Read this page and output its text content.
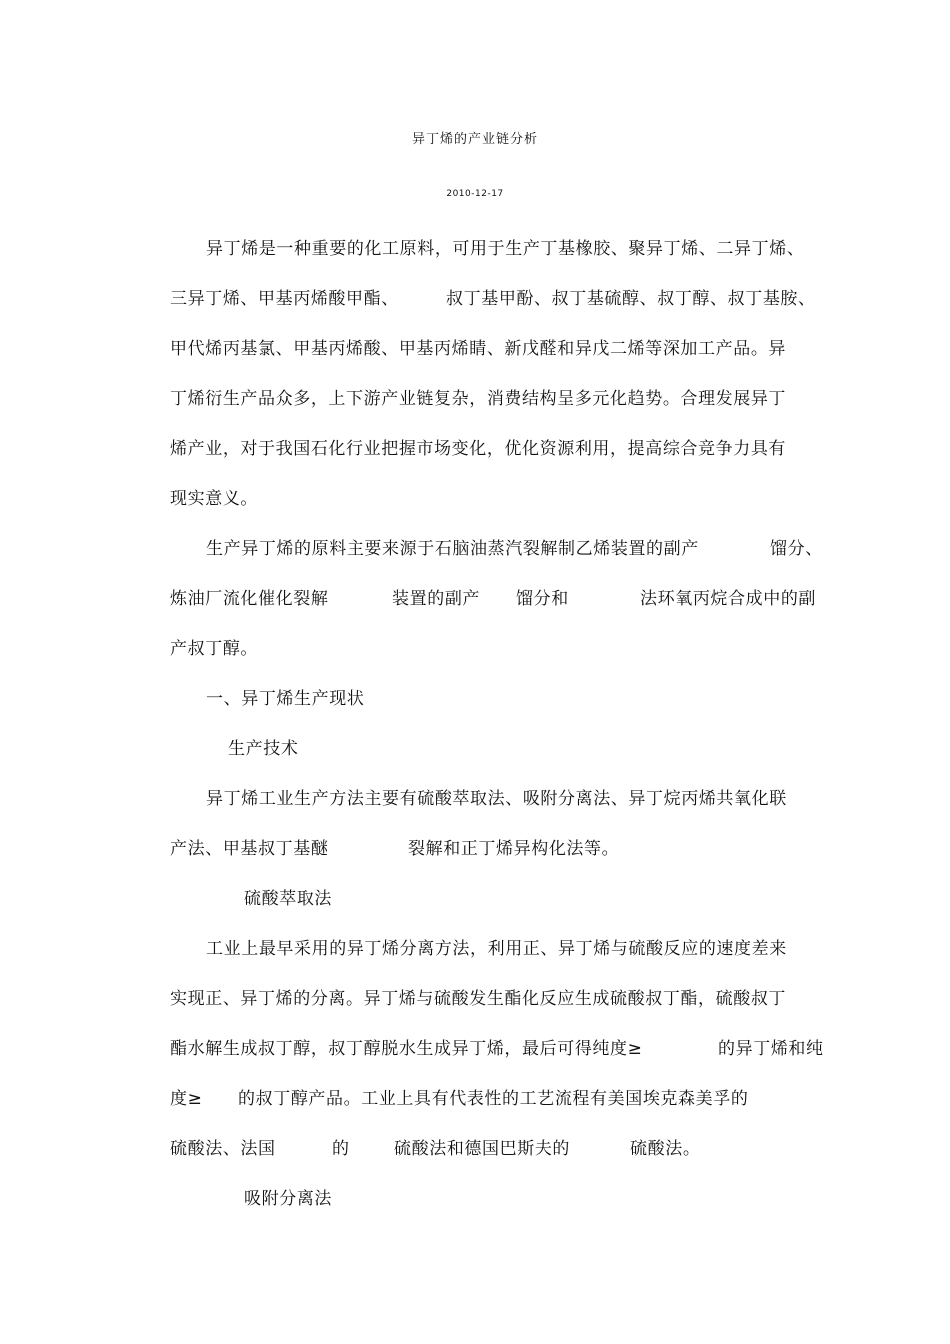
异丁烯的产业链分析
2010-12-17

异丁烯是一种重要的化工原料，可用于生产丁基橡胶、聚异丁烯、二异丁烯、

三异丁烯、甲基丙烯酸甲酯、
	叔丁基甲酚、叔丁基硫醇、叔丁醇、叔丁基胺、

甲代烯丙基氯、甲基丙烯酸、甲基丙烯睛、新戊醛和异戊二烯等深加工产品。异

丁烯衍生产品众多，上下游产业链复杂，消费结构呈多元化趋势。合理发展异丁

烯产业，对于我国石化行业把握市场变化，优化资源利用，提高综合竞争力具有

现实意义。

生产异丁烯的原料主要来源于石脑油蒸汽裂解制乙烯装置的副产
	馏分、

炼油厂流化催化裂解
	装置的副产
	馏分和
	法环氧丙烷合成中的副

产叔丁醇。

一、异丁烯生产现状

生产技术

异丁烯工业生产方法主要有硫酸萃取法、吸附分离法、异丁烷丙烯共氧化联

产法、甲基叔丁基醚
	裂解和正丁烯异构化法等。

硫酸萃取法

工业上最早采用的异丁烯分离方法，利用正、异丁烯与硫酸反应的速度差来

实现正、异丁烯的分离。异丁烯与硫酸发生酯化反应生成硫酸叔丁酯，硫酸叔丁

酯水解生成叔丁醇，叔丁醇脱水生成异丁烯，最后可得纯度≥
	的异丁烯和纯

度≥
	的叔丁醇产品。工业上具有代表性的工艺流程有美国埃克森美孚的

硫酸法、法国
	的
	硫酸法和德国巴斯夫的
	硫酸法。

吸附分离法
